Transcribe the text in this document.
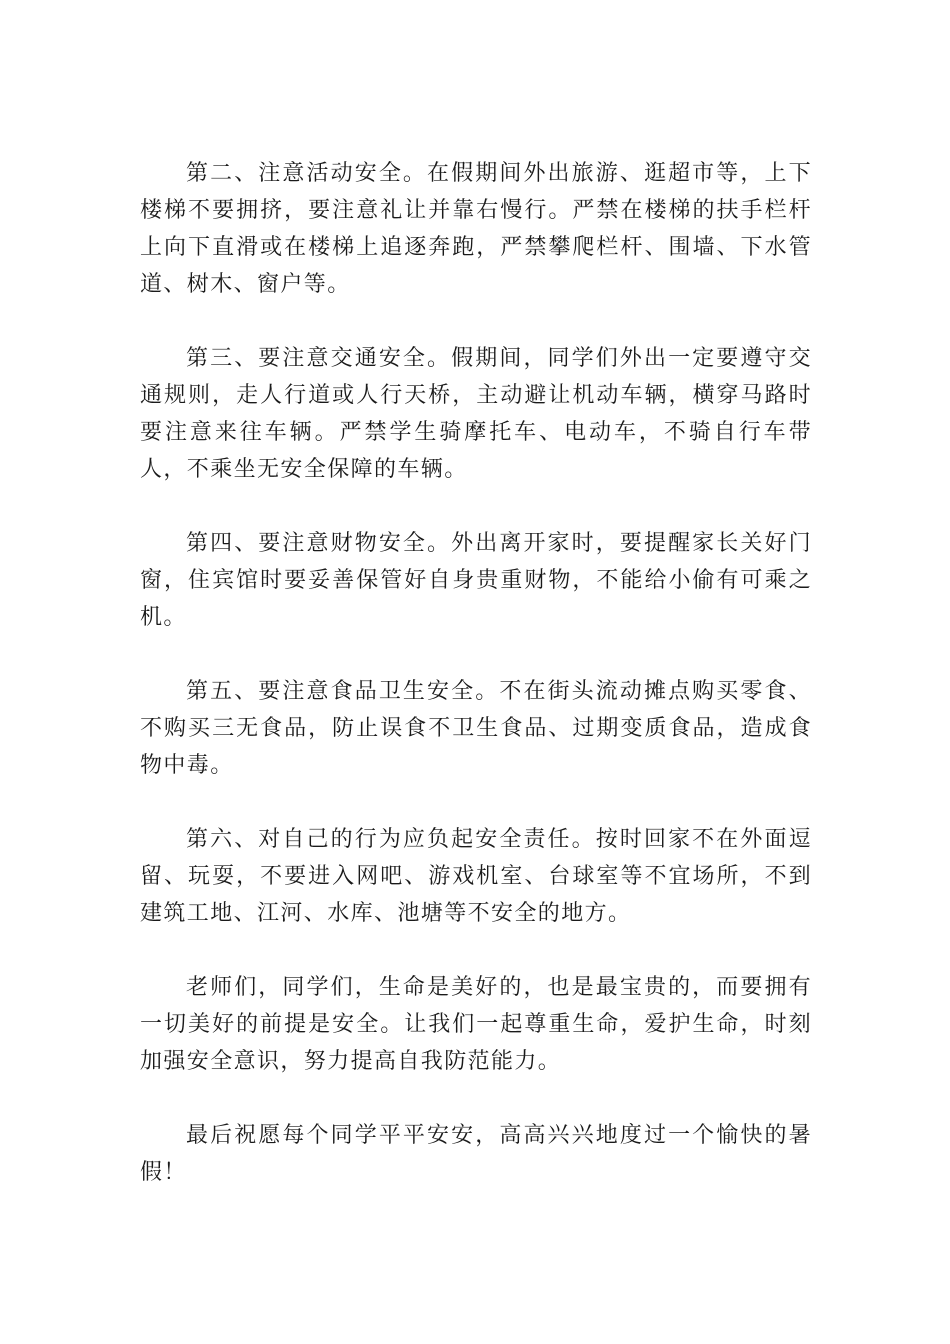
第二、注意活动安全。在假期间外出旅游、逛超市等，上下楼梯不要拥挤，要注意礼让并靠右慢行。严禁在楼梯的扶手栏杆上向下直滑或在楼梯上追逐奔跑，严禁攀爬栏杆、围墙、下水管道、树木、窗户等。

第三、要注意交通安全。假期间，同学们外出一定要遵守交通规则，走人行道或人行天桥，主动避让机动车辆，横穿马路时要注意来往车辆。严禁学生骑摩托车、电动车，不骑自行车带人，不乘坐无安全保障的车辆。

第四、要注意财物安全。外出离开家时，要提醒家长关好门窗，住宾馆时要妥善保管好自身贵重财物，不能给小偷有可乘之机。

第五、要注意食品卫生安全。不在街头流动摊点购买零食、不购买三无食品，防止误食不卫生食品、过期变质食品，造成食物中毒。

第六、对自己的行为应负起安全责任。按时回家不在外面逗留、玩耍，不要进入网吧、游戏机室、台球室等不宜场所，不到建筑工地、江河、水库、池塘等不安全的地方。

老师们，同学们，生命是美好的，也是最宝贵的，而要拥有一切美好的前提是安全。让我们一起尊重生命，爱护生命，时刻加强安全意识，努力提高自我防范能力。

最后祝愿每个同学平平安安，高高兴兴地度过一个愉快的暑假！
